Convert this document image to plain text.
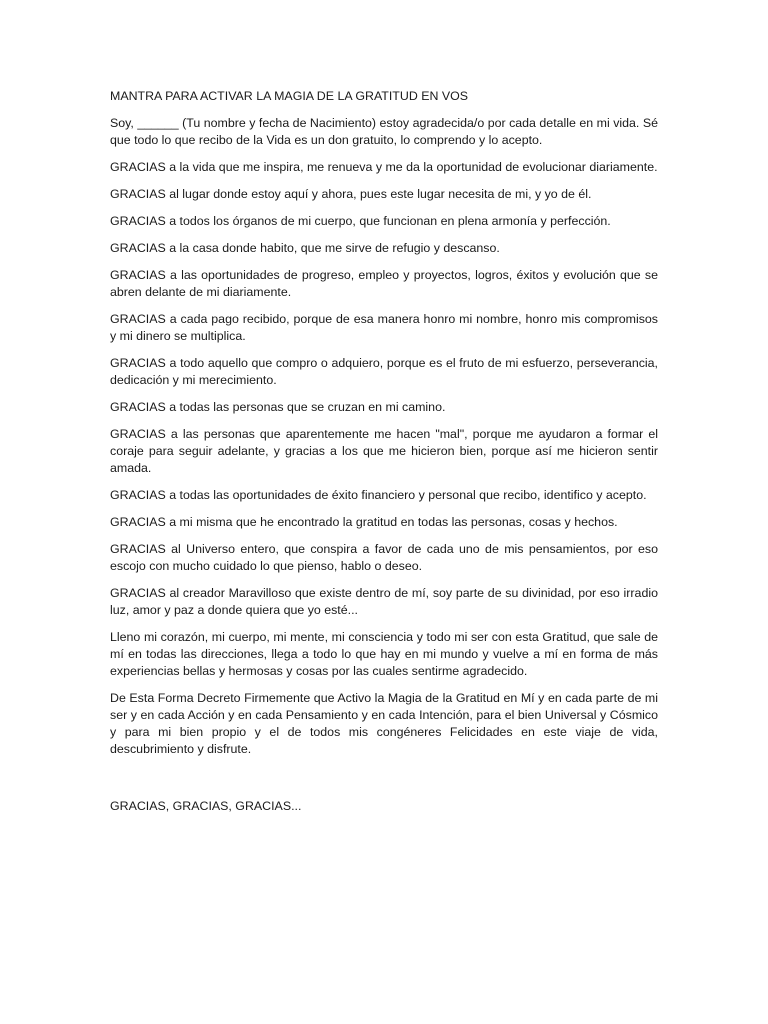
MANTRA PARA ACTIVAR LA MAGIA DE LA GRATITUD EN VOS

Soy, ______ (Tu nombre y fecha de Nacimiento) estoy agradecida/o por cada detalle en mi vida. Sé que todo lo que recibo de la Vida es un don gratuito, lo comprendo y lo acepto.

GRACIAS a la vida que me inspira, me renueva y me da la oportunidad de evolucionar diariamente.

GRACIAS al lugar donde estoy aquí y ahora, pues este lugar necesita de mi, y yo de él.

GRACIAS a todos los órganos de mi cuerpo, que funcionan en plena armonía y perfección.

GRACIAS a la casa donde habito, que me sirve de refugio y descanso.

GRACIAS a las oportunidades de progreso, empleo y proyectos, logros, éxitos y evolución que se abren delante de mi diariamente.

GRACIAS a cada pago recibido, porque de esa manera honro mi nombre, honro mis compromisos y mi dinero se multiplica.

GRACIAS a todo aquello que compro o adquiero, porque es el fruto de mi esfuerzo, perseverancia, dedicación y mi merecimiento.

GRACIAS a todas las personas que se cruzan en mi camino.

GRACIAS a las personas que aparentemente me hacen "mal", porque me ayudaron a formar el coraje para seguir adelante, y gracias a los que me hicieron bien, porque así me hicieron sentir amada.

GRACIAS a todas las oportunidades de éxito financiero y personal que recibo, identifico y acepto.

GRACIAS a mi misma que he encontrado la gratitud en todas las personas, cosas y hechos.

GRACIAS al Universo entero, que conspira a favor de cada uno de mis pensamientos, por eso escojo con mucho cuidado lo que pienso, hablo o deseo.

GRACIAS al creador Maravilloso que existe dentro de mí, soy parte de su divinidad, por eso irradio luz, amor y paz a donde quiera que yo esté...

Lleno mi corazón, mi cuerpo, mi mente, mi consciencia y todo mi ser con esta Gratitud, que sale de mí en todas las direcciones, llega a todo lo que hay en mi mundo y vuelve a mí en forma de más experiencias bellas y hermosas y cosas por las cuales sentirme agradecido.

De Esta Forma Decreto Firmemente que Activo la Magia de la Gratitud en Mí y en cada parte de mi ser y en cada Acción y en cada Pensamiento y en cada Intención, para el bien Universal y Cósmico y para mi bien propio y el de todos mis congéneres Felicidades en este viaje de vida, descubrimiento y disfrute.

GRACIAS, GRACIAS, GRACIAS...
